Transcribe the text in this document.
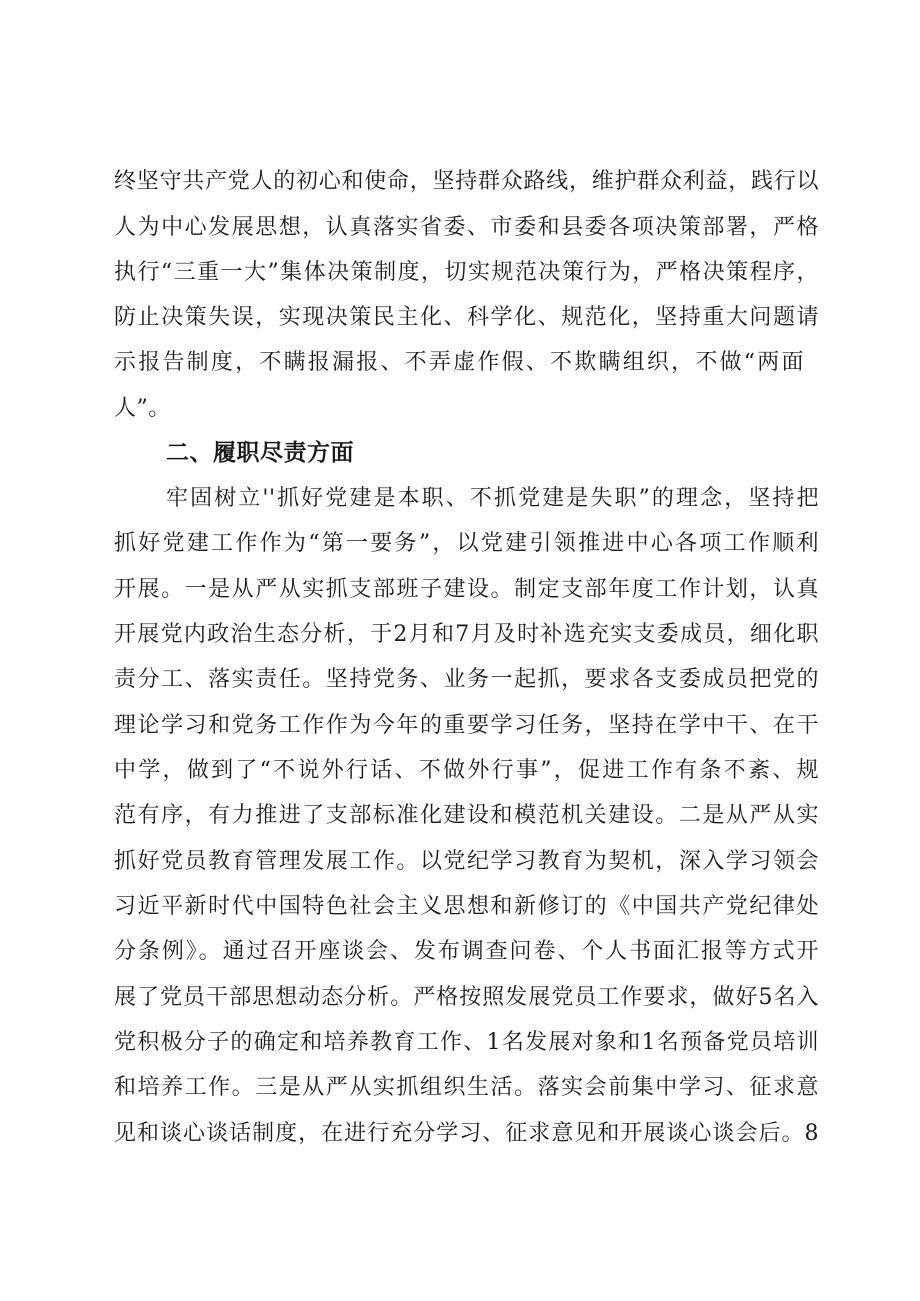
终坚守共产党人的初心和使命，坚持群众路线，维护群众利益，践行以
人为中心发展思想，认真落实省委、市委和县委各项决策部署，严格
执行“三重一大”集体决策制度，切实规范决策行为，严格决策程序，
防止决策失误，实现决策民主化、科学化、规范化，坚持重大问题请
示报告制度，不瞒报漏报、不弄虚作假、不欺瞒组织，不做“两面
人”。
二、履职尽责方面
牢固树立''抓好党建是本职、不抓党建是失职”的理念，坚持把
抓好党建工作作为“第一要务”，以党建引领推进中心各项工作顺利
开展。一是从严从实抓支部班子建设。制定支部年度工作计划，认真
开展党内政治生态分析，于2月和7月及时补选充实支委成员，细化职
责分工、落实责任。坚持党务、业务一起抓，要求各支委成员把党的
理论学习和党务工作作为今年的重要学习任务，坚持在学中干、在干
中学，做到了“不说外行话、不做外行事”，促进工作有条不紊、规
范有序，有力推进了支部标准化建设和模范机关建设。二是从严从实
抓好党员教育管理发展工作。以党纪学习教育为契机，深入学习领会
习近平新时代中国特色社会主义思想和新修订的《中国共产党纪律处
分条例》。通过召开座谈会、发布调查问卷、个人书面汇报等方式开
展了党员干部思想动态分析。严格按照发展党员工作要求，做好5名入
党积极分子的确定和培养教育工作、1名发展对象和1名预备党员培训
和培养工作。三是从严从实抓组织生活。落实会前集中学习、征求意
见和谈心谈话制度，在进行充分学习、征求意见和开展谈心谈会后。8
